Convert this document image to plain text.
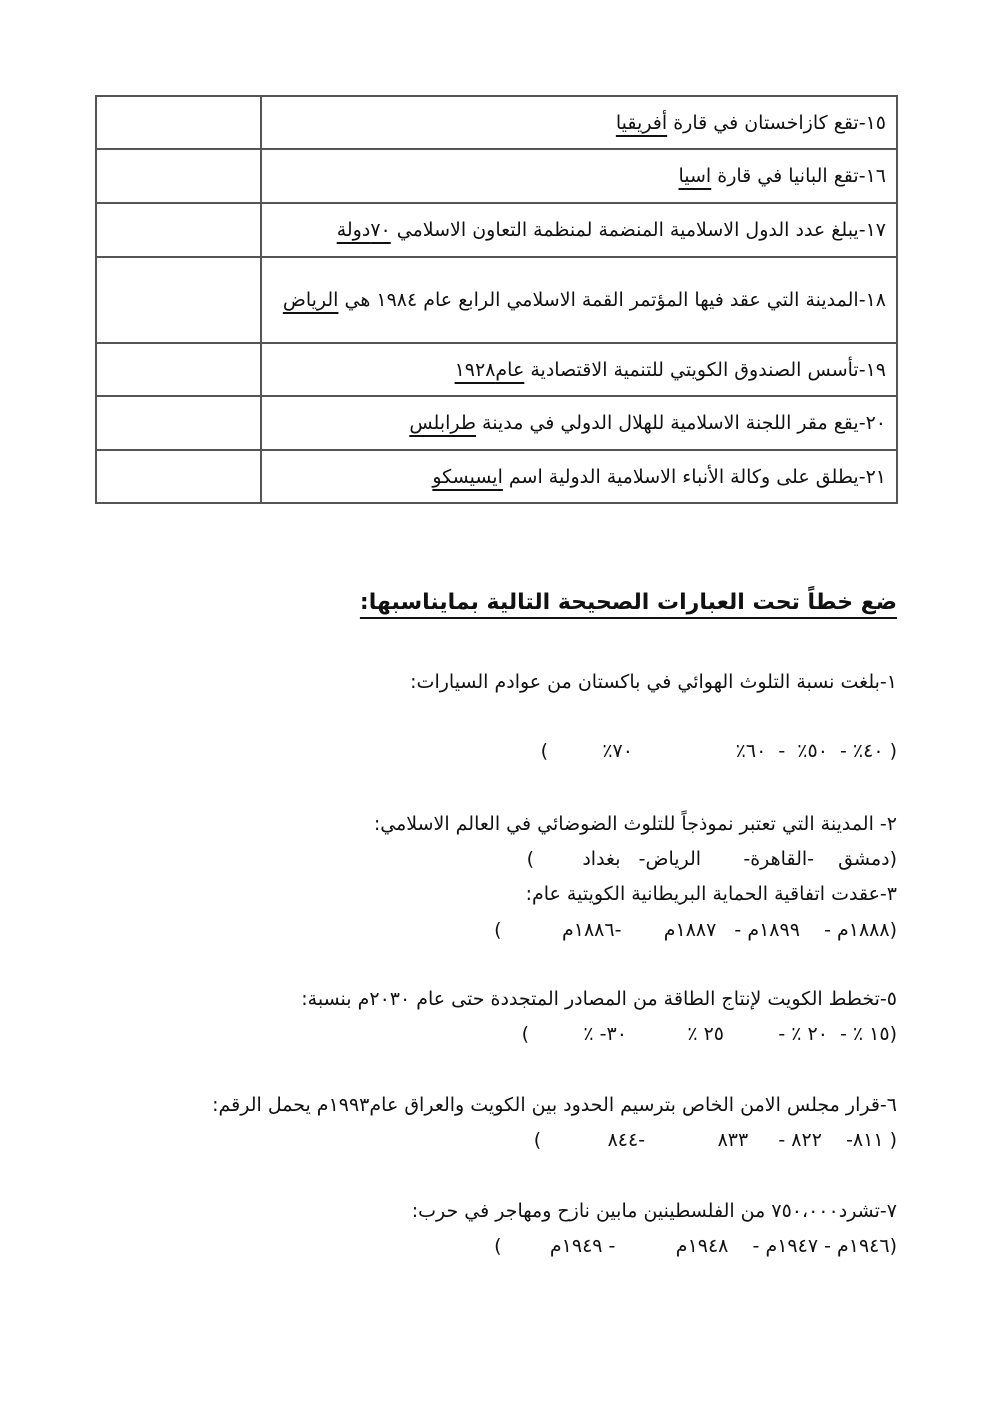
١٥-تقع كازاخستان في قارة أفريقيا	
١٦-تقع البانيا في قارة اسيا	
١٧-يبلغ عدد الدول الاسلامية المنضمة لمنظمة التعاون الاسلامي ٧٠دولة	
١٨-المدينة التي عقد فيها المؤتمر القمة الاسلامي الرابع عام ١٩٨٤ هي الرياض	
١٩-تأسس الصندوق الكويتي للتنمية الاقتصادية عام١٩٢٨	
٢٠-يقع مقر اللجنة الاسلامية للهلال الدولي في مدينة طرابلس	
٢١-يطلق على وكالة الأنباء الاسلامية الدولية اسم ايسيسكو	
ضع خطاً تحت العبارات الصحيحة التالية بمايناسبها:
١-بلغت نسبة التلوث الهوائي في باكستان من عوادم السيارات:
( ٤٠٪ -  ٥٠٪  -  ٦٠٪                 ٧٠٪         )
٢- المدينة التي تعتبر نموذجاً للتلوث الضوضائي في العالم الاسلامي:
(دمشق    -القاهرة-       الرياض-   بغداد        )
٣-عقدت اتفاقية الحماية البريطانية الكويتية عام:
(١٨٨٨م -    ١٨٩٩م -   ١٨٨٧م       -١٨٨٦م          )
٥-تخطط الكويت لإنتاج الطاقة من المصادر المتجددة حتى عام ٢٠٣٠م بنسبة:
(١٥ ٪ -  ٢٠ ٪ -         ٢٥ ٪          ٣٠- ٪         )
٦-قرار مجلس الامن الخاص بترسيم الحدود بين الكويت والعراق عام١٩٩٣م يحمل الرقم:
( ٨١١-    ٨٢٢ -     ٨٣٣            -٨٤٤           )
٧-تشرد٧٥٠،٠٠٠ من الفلسطينين مابين نازح ومهاجر في حرب:
(١٩٤٦م - ١٩٤٧م -    ١٩٤٨م          - ١٩٤٩م        )
